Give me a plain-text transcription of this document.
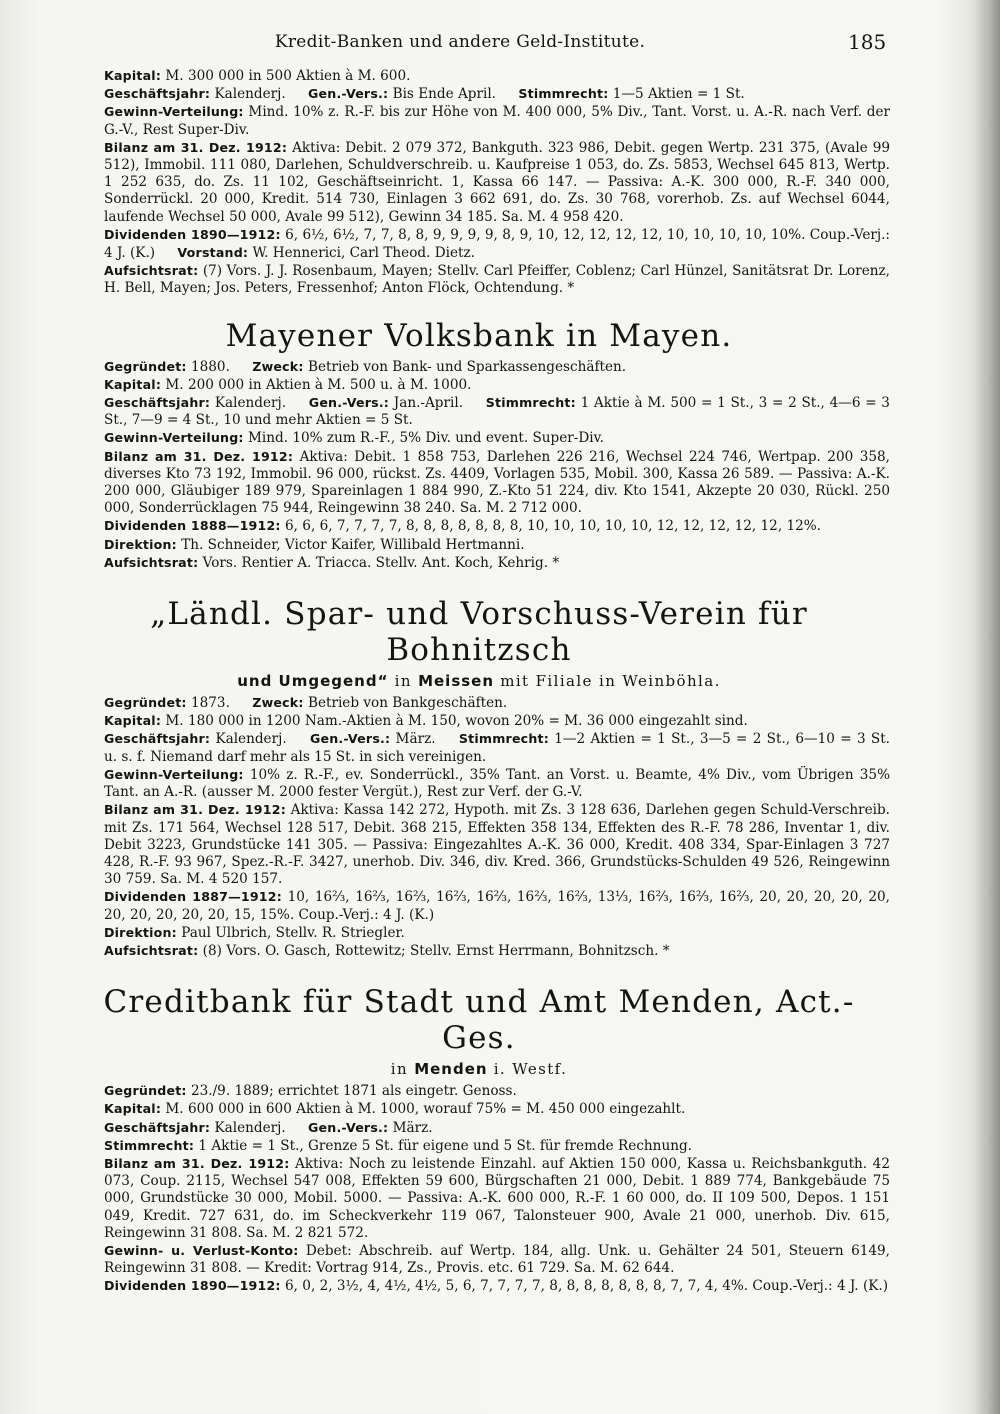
Kredit-Banken und andere Geld-Institute.	185

Kapital: M. 300 000 in 500 Aktien à M. 600.

Geschäftsjahr: Kalenderj. Gen.-Vers.: Bis Ende April. Stimmrecht: 1—5 Aktien = 1 St.

Gewinn-Verteilung: Mind. 10% z. R.-F. bis zur Höhe von M. 400 000, 5% Div., Tant. Vorst. u. A.-R. nach Verf. der G.-V., Rest Super-Div.

Bilanz am 31. Dez. 1912: Aktiva: Debit. 2 079 372, Bankguth. 323 986, Debit. gegen Wertp. 231 375, (Avale 99 512), Immobil. 111 080, Darlehen, Schuldverschreib. u. Kaufpreise 1 053, do. Zs. 5853, Wechsel 645 813, Wertp. 1 252 635, do. Zs. 11 102, Geschäftseinricht. 1, Kassa 66 147. — Passiva: A.-K. 300 000, R.-F. 340 000, Sonderrückl. 20 000, Kredit. 514 730, Einlagen 3 662 691, do. Zs. 30 768, vorerhob. Zs. auf Wechsel 6044, laufende Wechsel 50 000, Avale 99 512), Gewinn 34 185. Sa. M. 4 958 420.

Dividenden 1890—1912: 6, 6½, 6½, 7, 7, 8, 8, 9, 9, 9, 9, 8, 9, 10, 12, 12, 12, 12, 10, 10, 10, 10, 10%. Coup.-Verj.: 4 J. (K.) Vorstand: W. Hennerici, Carl Theod. Dietz.

Aufsichtsrat: (7) Vors. J. J. Rosenbaum, Mayen; Stellv. Carl Pfeiffer, Coblenz; Carl Hünzel, Sanitätsrat Dr. Lorenz, H. Bell, Mayen; Jos. Peters, Fressenhof; Anton Flöck, Ochtendung. *

Mayener Volksbank in Mayen.

Gegründet: 1880. Zweck: Betrieb von Bank- und Sparkassengeschäften.

Kapital: M. 200 000 in Aktien à M. 500 u. à M. 1000.

Geschäftsjahr: Kalenderj. Gen.-Vers.: Jan.-April. Stimmrecht: 1 Aktie à M. 500 = 1 St., 3 = 2 St., 4—6 = 3 St., 7—9 = 4 St., 10 und mehr Aktien = 5 St.

Gewinn-Verteilung: Mind. 10% zum R.-F., 5% Div. und event. Super-Div.

Bilanz am 31. Dez. 1912: Aktiva: Debit. 1 858 753, Darlehen 226 216, Wechsel 224 746, Wertpap. 200 358, diverses Kto 73 192, Immobil. 96 000, rückst. Zs. 4409, Vorlagen 535, Mobil. 300, Kassa 26 589. — Passiva: A.-K. 200 000, Gläubiger 189 979, Spareinlagen 1 884 990, Z.-Kto 51 224, div. Kto 1541, Akzepte 20 030, Rückl. 250 000, Sonderrücklagen 75 944, Reingewinn 38 240. Sa. M. 2 712 000.

Dividenden 1888—1912: 6, 6, 6, 7, 7, 7, 7, 8, 8, 8, 8, 8, 8, 8, 10, 10, 10, 10, 10, 12, 12, 12, 12, 12, 12%.

Direktion: Th. Schneider, Victor Kaifer, Willibald Hertmanni.

Aufsichtsrat: Vors. Rentier A. Triacca. Stellv. Ant. Koch, Kehrig. *

„Ländl. Spar- und Vorschuss-Verein für Bohnitzsch
und Umgegend“ in Meissen mit Filiale in Weinböhla.

Gegründet: 1873. Zweck: Betrieb von Bankgeschäften.

Kapital: M. 180 000 in 1200 Nam.-Aktien à M. 150, wovon 20% = M. 36 000 eingezahlt sind.

Geschäftsjahr: Kalenderj. Gen.-Vers.: März. Stimmrecht: 1—2 Aktien = 1 St., 3—5 = 2 St., 6—10 = 3 St. u. s. f. Niemand darf mehr als 15 St. in sich vereinigen.

Gewinn-Verteilung: 10% z. R.-F., ev. Sonderrückl., 35% Tant. an Vorst. u. Beamte, 4% Div., vom Übrigen 35% Tant. an A.-R. (ausser M. 2000 fester Vergüt.), Rest zur Verf. der G.-V.

Bilanz am 31. Dez. 1912: Aktiva: Kassa 142 272, Hypoth. mit Zs. 3 128 636, Darlehen gegen Schuld-Verschreib. mit Zs. 171 564, Wechsel 128 517, Debit. 368 215, Effekten 358 134, Effekten des R.-F. 78 286, Inventar 1, div. Debit 3223, Grundstücke 141 305. — Passiva: Eingezahltes A.-K. 36 000, Kredit. 408 334, Spar-Einlagen 3 727 428, R.-F. 93 967, Spez.-R.-F. 3427, unerhob. Div. 346, div. Kred. 366, Grundstücks-Schulden 49 526, Reingewinn 30 759. Sa. M. 4 520 157.

Dividenden 1887—1912: 10, 16⅔, 16⅔, 16⅔, 16⅔, 16⅔, 16⅔, 16⅔, 13⅓, 16⅔, 16⅔, 16⅔, 20, 20, 20, 20, 20, 20, 20, 20, 20, 20, 15, 15%. Coup.-Verj.: 4 J. (K.)

Direktion: Paul Ulbrich, Stellv. R. Striegler.

Aufsichtsrat: (8) Vors. O. Gasch, Rottewitz; Stellv. Ernst Herrmann, Bohnitzsch. *

Creditbank für Stadt und Amt Menden, Act.-Ges.
in Menden i. Westf.

Gegründet: 23./9. 1889; errichtet 1871 als eingetr. Genoss.

Kapital: M. 600 000 in 600 Aktien à M. 1000, worauf 75% = M. 450 000 eingezahlt.

Geschäftsjahr: Kalenderj. Gen.-Vers.: März.

Stimmrecht: 1 Aktie = 1 St., Grenze 5 St. für eigene und 5 St. für fremde Rechnung.

Bilanz am 31. Dez. 1912: Aktiva: Noch zu leistende Einzahl. auf Aktien 150 000, Kassa u. Reichsbankguth. 42 073, Coup. 2115, Wechsel 547 008, Effekten 59 600, Bürgschaften 21 000, Debit. 1 889 774, Bankgebäude 75 000, Grundstücke 30 000, Mobil. 5000. — Passiva: A.-K. 600 000, R.-F. 1 60 000, do. II 109 500, Depos. 1 151 049, Kredit. 727 631, do. im Scheckverkehr 119 067, Talonsteuer 900, Avale 21 000, unerhob. Div. 615, Reingewinn 31 808. Sa. M. 2 821 572.

Gewinn- u. Verlust-Konto: Debet: Abschreib. auf Wertp. 184, allg. Unk. u. Gehälter 24 501, Steuern 6149, Reingewinn 31 808. — Kredit: Vortrag 914, Zs., Provis. etc. 61 729. Sa. M. 62 644.

Dividenden 1890—1912: 6, 0, 2, 3½, 4, 4½, 4½, 5, 6, 7, 7, 7, 7, 8, 8, 8, 8, 8, 8, 8, 7, 7, 4, 4%. Coup.-Verj.: 4 J. (K.)
